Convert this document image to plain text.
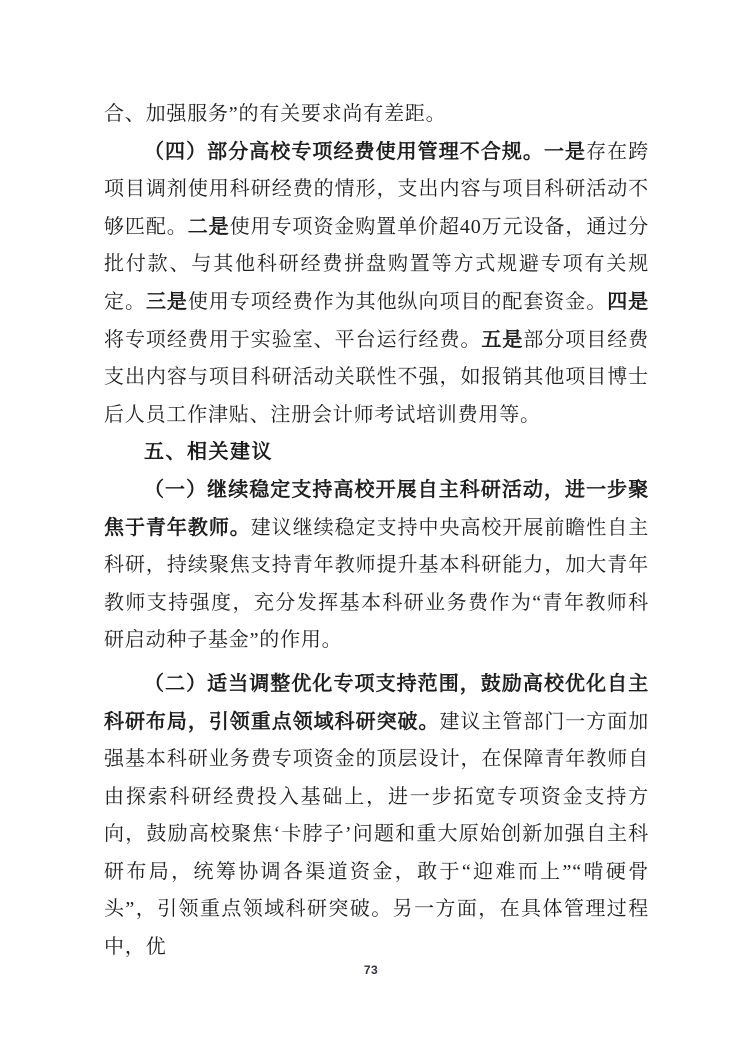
合、加强服务”的有关要求尚有差距。

（四）部分高校专项经费使用管理不合规。一是存在跨项目调剂使用科研经费的情形，支出内容与项目科研活动不够匹配。二是使用专项资金购置单价超40万元设备，通过分批付款、与其他科研经费拼盘购置等方式规避专项有关规定。三是使用专项经费作为其他纵向项目的配套资金。四是将专项经费用于实验室、平台运行经费。五是部分项目经费支出内容与项目科研活动关联性不强，如报销其他项目博士后人员工作津贴、注册会计师考试培训费用等。

五、相关建议

（一）继续稳定支持高校开展自主科研活动，进一步聚焦于青年教师。建议继续稳定支持中央高校开展前瞻性自主科研，持续聚焦支持青年教师提升基本科研能力，加大青年教师支持强度，充分发挥基本科研业务费作为“青年教师科研启动种子基金”的作用。

（二）适当调整优化专项支持范围，鼓励高校优化自主科研布局，引领重点领域科研突破。建议主管部门一方面加强基本科研业务费专项资金的顶层设计，在保障青年教师自由探索科研经费投入基础上，进一步拓宽专项资金支持方向，鼓励高校聚焦‘卡脖子’问题和重大原始创新加强自主科研布局，统筹协调各渠道资金，敢于“迎难而上”“啃硬骨头”，引领重点领域科研突破。另一方面，在具体管理过程中，优

73
